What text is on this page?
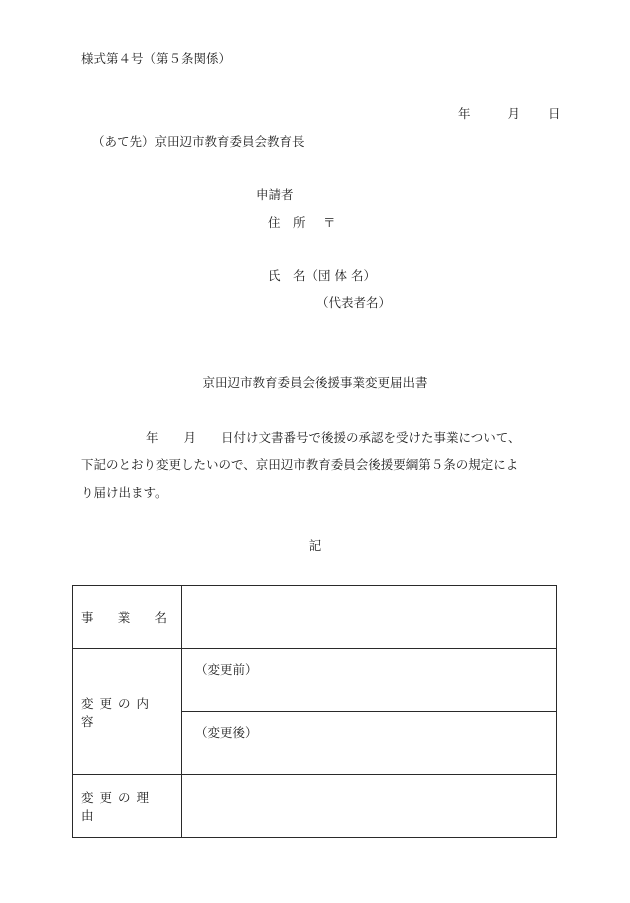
様式第４号（第５条関係）
年	月 日
（あて先）京田辺市教育委員会教育長
申請者
住　所 〒
氏　名（団 体 名）
（代表者名）
京田辺市教育委員会後援事業変更届出書
年　　月　　日付け文書番号で後援の承認を受けた事業について、
下記のとおり変更したいので、京田辺市教育委員会後援要綱第５条の規定によ
り届け出ます。
記
事　業　名	
変更の内容	（変更前）
	（変更後）
変更の理由	
